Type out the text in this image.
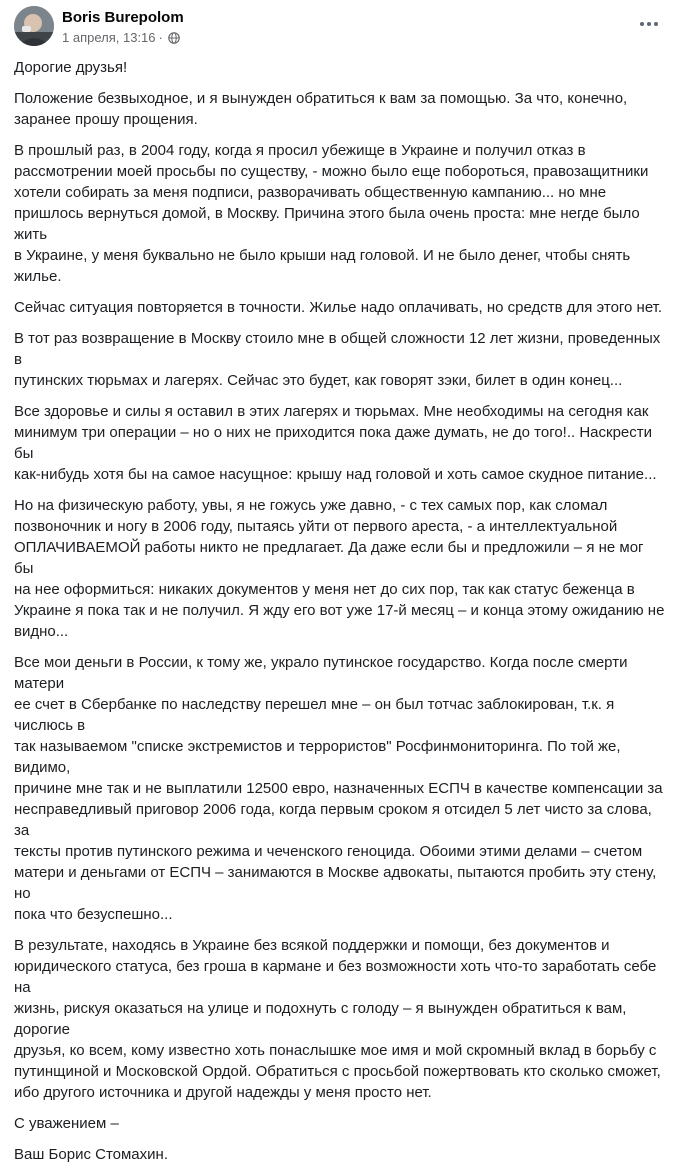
Boris Burepolom
1 апреля, 13:16 ·

Дорогие друзья!

Положение безвыходное, и я вынужден обратиться к вам за помощью. За что, конечно,
заранее прошу прощения.

В прошлый раз, в 2004 году, когда я просил убежище в Украине и получил отказ в
рассмотрении моей просьбы по существу, - можно было еще побороться, правозащитники
хотели собирать за меня подписи, разворачивать общественную кампанию... но мне
пришлось вернуться домой, в Москву. Причина этого была очень проста: мне негде было жить
в Украине, у меня буквально не было крыши над головой. И не было денег, чтобы снять жилье.

Сейчас ситуация повторяется в точности. Жилье надо оплачивать, но средств для этого нет.

В тот раз возвращение в Москву стоило мне в общей сложности 12 лет жизни, проведенных в
путинских тюрьмах и лагерях. Сейчас это будет, как говорят зэки, билет в один конец...

Все здоровье и силы я оставил в этих лагерях и тюрьмах. Мне необходимы на сегодня как
минимум три операции – но о них не приходится пока даже думать, не до того!.. Наскрести бы
как-нибудь хотя бы на самое насущное: крышу над головой и хоть самое скудное питание...

Но на физическую работу, увы, я не гожусь уже давно, - с тех самых пор, как сломал
позвоночник и ногу в 2006 году, пытаясь уйти от первого ареста, - а интеллектуальной
ОПЛАЧИВАЕМОЙ работы никто не предлагает. Да даже если бы и предложили – я не мог бы
на нее оформиться: никаких документов у меня нет до сих пор, так как статус беженца в
Украине я пока так и не получил. Я жду его вот уже 17-й месяц – и конца этому ожиданию не
видно...

Все мои деньги в России, к тому же, украло путинское государство. Когда после смерти матери
ее счет в Сбербанке по наследству перешел мне – он был тотчас заблокирован, т.к. я числюсь в
так называемом "списке экстремистов и террористов" Росфинмониторинга. По той же, видимо,
причине мне так и не выплатили 12500 евро, назначенных ЕСПЧ в качестве компенсации за
несправедливый приговор 2006 года, когда первым сроком я отсидел 5 лет чисто за слова, за
тексты против путинского режима и чеченского геноцида. Обоими этими делами – счетом
матери и деньгами от ЕСПЧ – занимаются в Москве адвокаты, пытаются пробить эту стену, но
пока что безуспешно...

В результате, находясь в Украине без всякой поддержки и помощи, без документов и
юридического статуса, без гроша в кармане и без возможности хоть что-то заработать себе на
жизнь, рискуя оказаться на улице и подохнуть с голоду – я вынужден обратиться к вам, дорогие
друзья, ко всем, кому известно хоть понаслышке мое имя и мой скромный вклад в борьбу с
путинщиной и Московской Ордой. Обратиться с просьбой пожертвовать кто сколько сможет,
ибо другого источника и другой надежды у меня просто нет.

С уважением –

Ваш Борис Стомахин.
